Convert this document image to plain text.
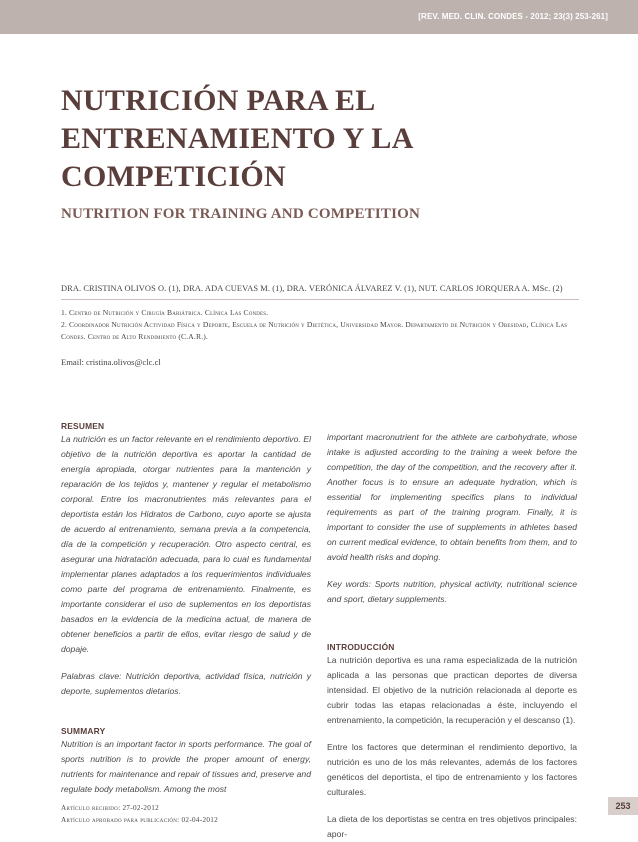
[REV. MED. CLIN. CONDES - 2012; 23(3) 253-261]
NUTRICIÓN PARA EL
ENTRENAMIENTO Y LA
COMPETICIÓN
NUTRITION FOR TRAINING AND COMPETITION
DRA. CRISTINA OLIVOS O. (1), DRA. ADA CUEVAS M. (1), DRA. VERÓNICA ÁLVAREZ V. (1), NUT. CARLOS JORQUERA A. MSc. (2)

1. Centro de Nutrición y Cirugía Bariátrica. Clínica Las Condes.

2. Coordinador Nutrición Actividad Física y Deporte, Escuela de Nutrición y Dietética, Universidad Mayor. Departamento de Nutrición y Obesidad, Clínica Las Condes. Centro de Alto Rendimiento (C.A.R.).

Email: cristina.olivos@clc.cl

RESUMEN

La nutrición es un factor relevante en el rendimiento deportivo. El objetivo de la nutrición deportiva es aportar la cantidad de energía apropiada, otorgar nutrientes para la mantención y reparación de los tejidos y, mantener y regular el metabolismo corporal. Entre los macronutrientes más relevantes para el deportista están los Hidratos de Carbono, cuyo aporte se ajusta de acuerdo al entrenamiento, semana previa a la competencia, día de la competición y recuperación. Otro aspecto central, es asegurar una hidratación adecuada, para lo cual es fundamental implementar planes adaptados a los requerimientos individuales como parte del programa de entrenamiento. Finalmente, es importante considerar el uso de suplementos en los deportistas basados en la evidencia de la medicina actual, de manera de obtener beneficios a partir de ellos, evitar riesgo de salud y de dopaje.

Palabras clave: Nutrición deportiva, actividad física, nutrición y deporte, suplementos dietarios.

SUMMARY

Nutrition is an important factor in sports performance. The goal of sports nutrition is to provide the proper amount of energy, nutrients for maintenance and repair of tissues and, preserve and regulate body metabolism. Among the most

important macronutrient for the athlete are carbohydrate, whose intake is adjusted according to the training a week before the competition, the day of the competition, and the recovery after it. Another focus is to ensure an adequate hydration, which is essential for implementing specifics plans to individual requirements as part of the training program. Finally, it is important to consider the use of supplements in athletes based on current medical evidence, to obtain benefits from them, and to avoid health risks and doping.

Key words: Sports nutrition, physical activity, nutritional science and sport, dietary supplements.

INTRODUCCIÓN

La nutrición deportiva es una rama especializada de la nutrición aplicada a las personas que practican deportes de diversa intensidad. El objetivo de la nutrición relacionada al deporte es cubrir todas las etapas relacionadas a éste, incluyendo el entrenamiento, la competición, la recuperación y el descanso (1).

Entre los factores que determinan el rendimiento deportivo, la nutrición es uno de los más relevantes, además de los factores genéticos del deportista, el tipo de entrenamiento y los factores culturales.

La dieta de los deportistas se centra en tres objetivos principales: apor-

Artículo recibido: 27-02-2012

Artículo aprobado para publicación: 02-04-2012

253
